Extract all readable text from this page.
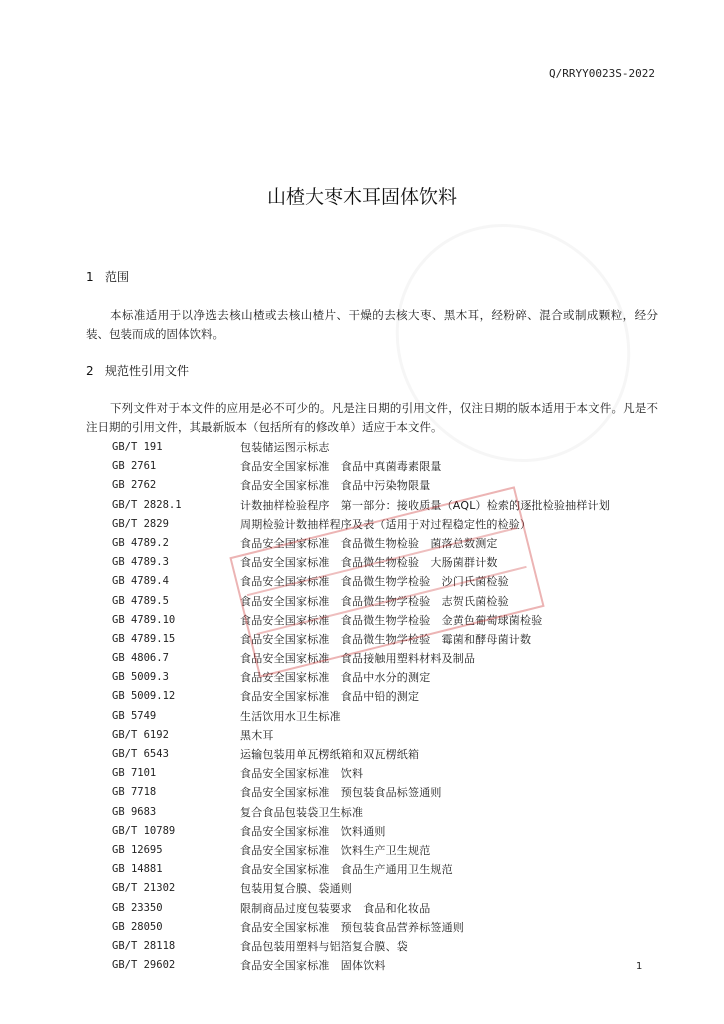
Q/RRYY0023S-2022
山楂大枣木耳固体饮料
1 范围

本标准适用于以净选去核山楂或去核山楂片、干燥的去核大枣、黑木耳，经粉碎、混合或制成颗粒，经分装、包装而成的固体饮料。

2 规范性引用文件

下列文件对于本文件的应用是必不可少的。凡是注日期的引用文件，仅注日期的版本适用于本文件。凡是不注日期的引用文件，其最新版本（包括所有的修改单）适应于本文件。

GB/T 191	包装储运图示标志
GB 2761	食品安全国家标准　食品中真菌毒素限量
GB 2762	食品安全国家标准　食品中污染物限量
GB/T 2828.1	计数抽样检验程序　第一部分：接收质量（AQL）检索的逐批检验抽样计划
GB/T 2829	周期检验计数抽样程序及表（适用于对过程稳定性的检验）
GB 4789.2	食品安全国家标准　食品微生物检验　菌落总数测定
GB 4789.3	食品安全国家标准　食品微生物检验　大肠菌群计数
GB 4789.4	食品安全国家标准　食品微生物学检验　沙门氏菌检验
GB 4789.5	食品安全国家标准　食品微生物学检验　志贺氏菌检验
GB 4789.10	食品安全国家标准　食品微生物学检验　金黄色葡萄球菌检验
GB 4789.15	食品安全国家标准　食品微生物学检验　霉菌和酵母菌计数
GB 4806.7	食品安全国家标准　食品接触用塑料材料及制品
GB 5009.3	食品安全国家标准　食品中水分的测定
GB 5009.12	食品安全国家标准　食品中铅的测定
GB 5749	生活饮用水卫生标准
GB/T 6192	黑木耳
GB/T 6543	运输包装用单瓦楞纸箱和双瓦楞纸箱
GB 7101	食品安全国家标准　饮料
GB 7718	食品安全国家标准　预包装食品标签通则
GB 9683	复合食品包装袋卫生标准
GB/T 10789	食品安全国家标准　饮料通则
GB 12695	食品安全国家标准　饮料生产卫生规范
GB 14881	食品安全国家标准　食品生产通用卫生规范
GB/T 21302	包装用复合膜、袋通则
GB 23350	限制商品过度包装要求　食品和化妆品
GB 28050	食品安全国家标准　预包装食品营养标签通则
GB/T 28118	食品包装用塑料与铝箔复合膜、袋
GB/T 29602	食品安全国家标准　固体饮料	1
